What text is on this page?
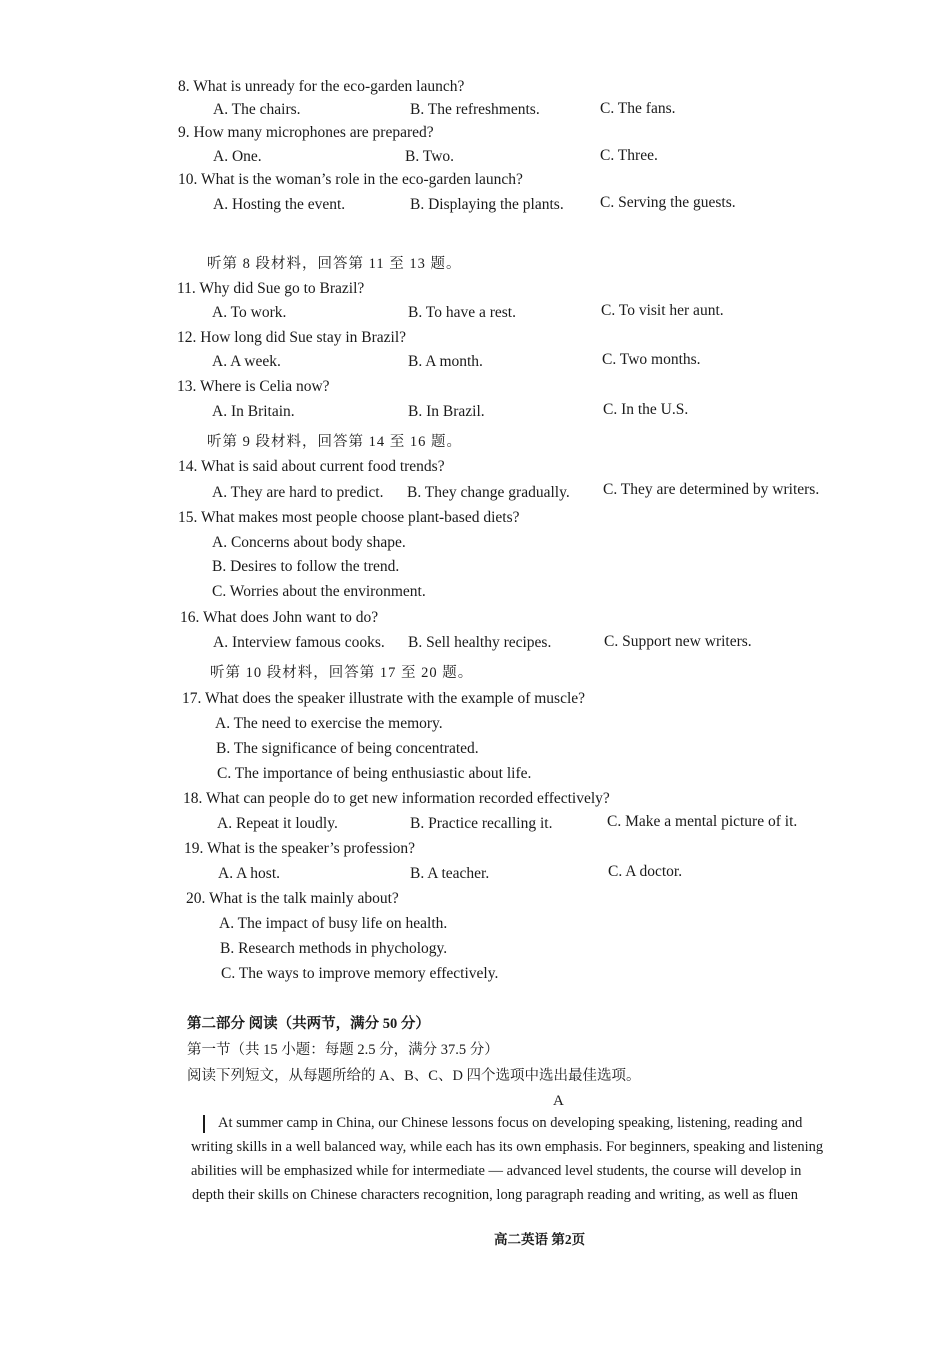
8. What is unready for the eco-garden launch?
A. The chairs.	B. The refreshments.	C. The fans.
9. How many microphones are prepared?
A. One.	B. Two.	C. Three.
10. What is the woman’s role in the eco-garden launch?
A. Hosting the event.	B. Displaying the plants. C. Serving the guests.
听第 8 段材料，回答第 11 至 13 题。
11. Why did Sue go to Brazil?
A. To work.	B. To have a rest.	C. To visit her aunt.
12. How long did Sue stay in Brazil?
A. A week.	B. A month.	C. Two months.
13. Where is Celia now?
A. In Britain.	B. In Brazil.	C. In the U.S.
听第 9 段材料，回答第 14 至 16 题。
14. What is said about current food trends?
A. They are hard to predict. B. They change gradually. C. They are determined by writers.
15. What makes most people choose plant-based diets?
A. Concerns about body shape.
B. Desires to follow the trend.
C. Worries about the environment.
16. What does John want to do?
A. Interview famous cooks. B. Sell healthy recipes.	C. Support new writers.
听第 10 段材料，回答第 17 至 20 题。
17. What does the speaker illustrate with the example of muscle?
A. The need to exercise the memory.
B. The significance of being concentrated.
C. The importance of being enthusiastic about life.
18. What can people do to get new information recorded effectively?
A. Repeat it loudly.	B. Practice recalling it.	C. Make a mental picture of it.
19. What is the speaker’s profession?
A. A host.	B. A teacher.	C. A doctor.
20. What is the talk mainly about?
A. The impact of busy life on health.
B. Research methods in phychology.
C. The ways to improve memory effectively.
第二部分 阅读（共两节，满分 50 分）
第一节（共 15 小题：每题 2.5 分，满分 37.5 分）
阅读下列短文，从每题所给的 A、B、C、D 四个选项中选出最佳选项。
A
At summer camp in China, our Chinese lessons focus on developing speaking, listening, reading and
writing skills in a well balanced way, while each has its own emphasis. For beginners, speaking and listening
abilities will be emphasized while for intermediate — advanced level students, the course will develop in
depth their skills on Chinese characters recognition, long paragraph reading and writing, as well as fluen
高二英语 第2页
